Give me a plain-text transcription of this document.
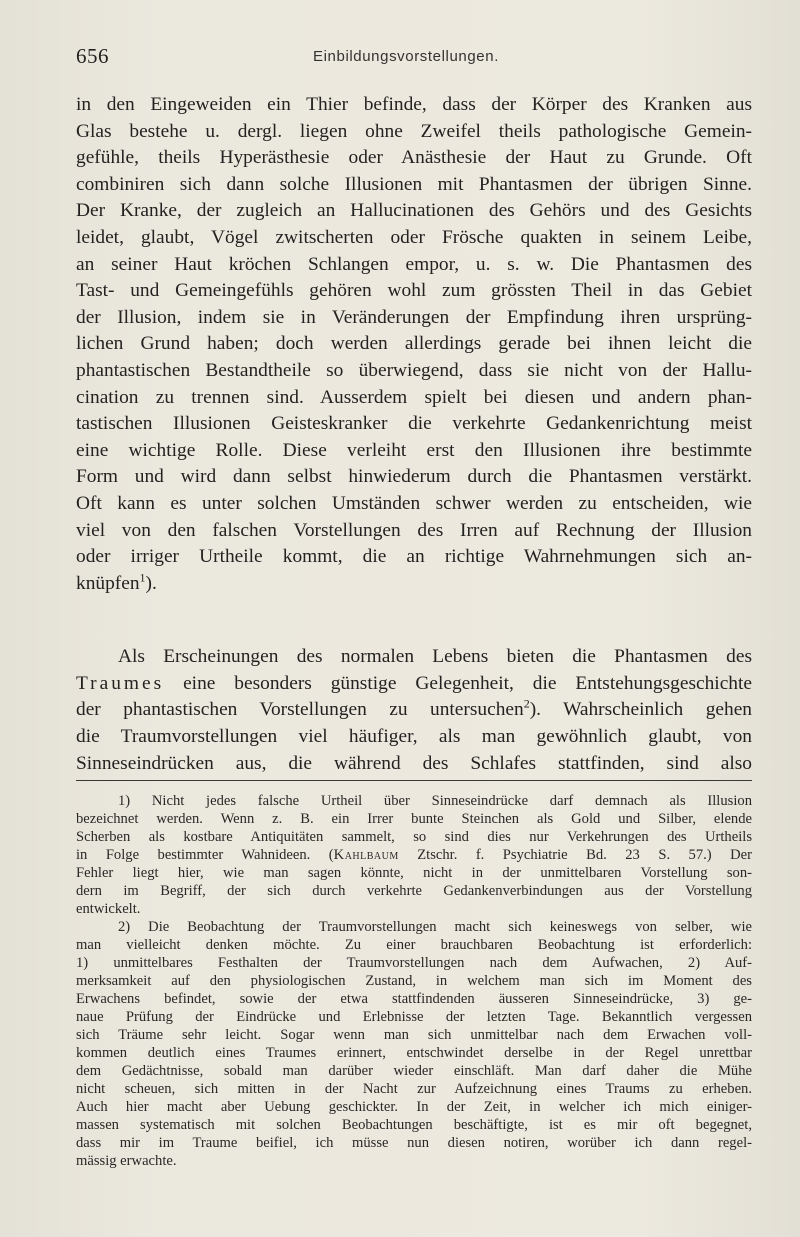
656	Einbildungsvorstellungen.

in den Eingeweiden ein Thier befinde, dass der Körper des Kranken aus

Glas bestehe u. dergl. liegen ohne Zweifel theils pathologische Gemein-

gefühle, theils Hyperästhesie oder Anästhesie der Haut zu Grunde. Oft

combiniren sich dann solche Illusionen mit Phantasmen der übrigen Sinne.

Der Kranke, der zugleich an Hallucinationen des Gehörs und des Gesichts

leidet, glaubt, Vögel zwitscherten oder Frösche quakten in seinem Leibe,

an seiner Haut kröchen Schlangen empor, u. s. w. Die Phantasmen des

Tast- und Gemeingefühls gehören wohl zum grössten Theil in das Gebiet

der Illusion, indem sie in Veränderungen der Empfindung ihren ursprüng-

lichen Grund haben; doch werden allerdings gerade bei ihnen leicht die

phantastischen Bestandtheile so überwiegend, dass sie nicht von der Hallu-

cination zu trennen sind. Ausserdem spielt bei diesen und andern phan-

tastischen Illusionen Geisteskranker die verkehrte Gedankenrichtung meist

eine wichtige Rolle. Diese verleiht erst den Illusionen ihre bestimmte

Form und wird dann selbst hinwiederum durch die Phantasmen verstärkt.

Oft kann es unter solchen Umständen schwer werden zu entscheiden, wie

viel von den falschen Vorstellungen des Irren auf Rechnung der Illusion

oder irriger Urtheile kommt, die an richtige Wahrnehmungen sich an-

knüpfen$^1$).

Als Erscheinungen des normalen Lebens bieten die Phantasmen des

Traumes eine besonders günstige Gelegenheit, die Entstehungsgeschichte

der phantastischen Vorstellungen zu untersuchen$^2$). Wahrscheinlich gehen

die Traumvorstellungen viel häufiger, als man gewöhnlich glaubt, von

Sinneseindrücken aus, die während des Schlafes stattfinden, sind also

1) Nicht jedes falsche Urtheil über Sinneseindrücke darf demnach als Illusion

bezeichnet werden. Wenn z. B. ein Irrer bunte Steinchen als Gold und Silber, elende

Scherben als kostbare Antiquitäten sammelt, so sind dies nur Verkehrungen des Urtheils

in Folge bestimmter Wahnideen. (Kahlbaum Ztschr. f. Psychiatrie Bd. 23 S. 57.) Der

Fehler liegt hier, wie man sagen könnte, nicht in der unmittelbaren Vorstellung son-

dern im Begriff, der sich durch verkehrte Gedankenverbindungen aus der Vorstellung

entwickelt.

2) Die Beobachtung der Traumvorstellungen macht sich keineswegs von selber, wie

man vielleicht denken möchte. Zu einer brauchbaren Beobachtung ist erforderlich:

1) unmittelbares Festhalten der Traumvorstellungen nach dem Aufwachen, 2) Auf-

merksamkeit auf den physiologischen Zustand, in welchem man sich im Moment des

Erwachens befindet, sowie der etwa stattfindenden äusseren Sinneseindrücke, 3) ge-

naue Prüfung der Eindrücke und Erlebnisse der letzten Tage. Bekanntlich vergessen

sich Träume sehr leicht. Sogar wenn man sich unmittelbar nach dem Erwachen voll-

kommen deutlich eines Traumes erinnert, entschwindet derselbe in der Regel unrettbar

dem Gedächtnisse, sobald man darüber wieder einschläft. Man darf daher die Mühe

nicht scheuen, sich mitten in der Nacht zur Aufzeichnung eines Traums zu erheben.

Auch hier macht aber Uebung geschickter. In der Zeit, in welcher ich mich einiger-

massen systematisch mit solchen Beobachtungen beschäftigte, ist es mir oft begegnet,

dass mir im Traume beifiel, ich müsse nun diesen notiren, worüber ich dann regel-

mässig erwachte.
